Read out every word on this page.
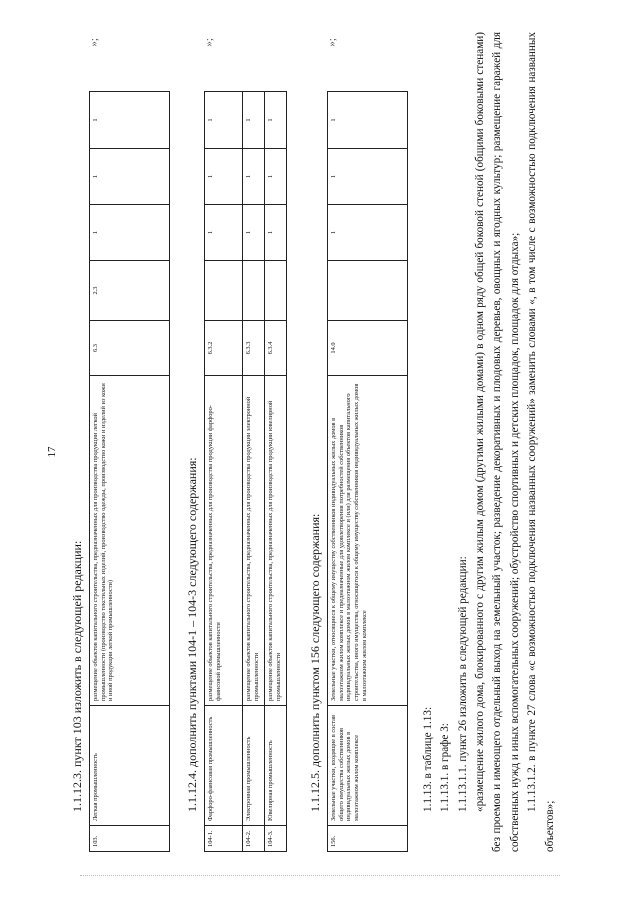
17
1.1.12.3. пункт 103 изложить в следующей редакции:
103.	Легкая промышленность	размещение объектов капитального строительства, предназначенных для производства продукции легкой промышленности (производство текстильных изделий, производство одежды, производство кожи и изделий из кожи и иной продукции легкой промышленности)	6.3	2.3	1	1	1
»;
1.1.12.4. дополнить пунктами 104-1 – 104-3 следующего содержания:
104-1.	Фарфоро-фаянсовая промышленность	размещение объектов капитального строительства, предназначенных для производства продукции фарфоро-фаянсовой промышленности	6.3.2		1	1	1
104-2.	Электронная промышленность	размещение объектов капитального строительства, предназначенных для производства продукции электронной промышленности	6.3.3		1	1	1
104-3.	Ювелирная промышленность	размещение объектов капитального строительства, предназначенных для производства продукции ювелирной промышленности	6.3.4		1	1	1
»;
1.1.12.5. дополнить пунктом 156 следующего содержания:
156.	Земельные участки, входящие в состав общего имущества собственников индивидуальных жилых домов в малоэтажном жилом комплексе	Земельные участки, относящиеся к общему имуществу собственников индивидуальных жилых домов в малоэтажном жилом комплексе и предназначенные для удовлетворения потребностей собственников индивидуальных жилых домов в малоэтажном жилом комплексе и (или) для размещения объектов капитального строительства, иного имущества, относящегося к общему имуществу собственников индивидуальных жилых домов в малоэтажном жилом комплексе	14.0		1	1	1
»;

1.1.13. в таблице 1.13: 1.1.13.1. в графе 3: 1.1.13.1.1. пункт 26 изложить в следующей редакции: «размещение жилого дома, блокированного с другим жилым домом (другими жилыми домами) в одном ряду общей боковой стеной (общими боковыми стенами) без проемов и имеющего отдельный выход на земельный участок; разведение декоративных и плодовых деревьев, овощных и ягодных культур; размещение гаражей для собственных нужд и иных вспомогательных сооружений; обустройство спортивных и детских площадок, площадок для отдыха»; 1.1.13.1.2. в пункте 27 слова «с возможностью подключения названных сооружений» заменить словами «, в том числе с возможностью подключения названных объектов»;
